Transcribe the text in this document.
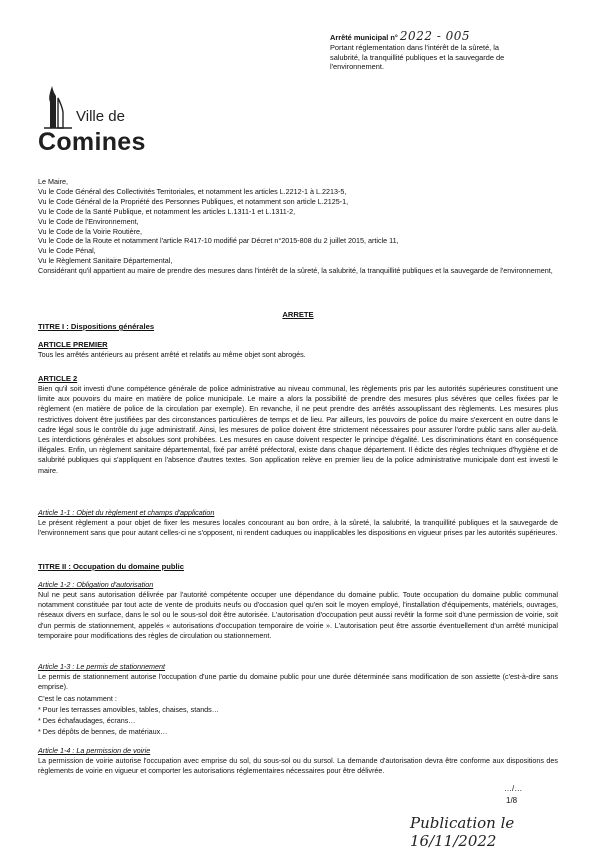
Arrêté municipal n° 2022 - 005
Portant réglementation dans l'intérêt de la sûreté, la salubrité, la tranquillité publiques et la sauvegarde de l'environnement.
Ville de
Comines

Le Maire,

Vu le Code Général des Collectivités Territoriales, et notamment les articles L.2212-1 à L.2213-5,

Vu le Code Général de la Propriété des Personnes Publiques, et notamment son article L.2125-1,

Vu le Code de la Santé Publique, et notamment les articles L.1311-1 et L.1311-2,

Vu le Code de l'Environnement,

Vu le Code de la Voirie Routière,

Vu le Code de la Route et notamment l'article R417-10 modifié par Décret n°2015-808 du 2 juillet 2015, article 11,

Vu le Code Pénal,

Vu le Règlement Sanitaire Départemental,

Considérant qu'il appartient au maire de prendre des mesures dans l'intérêt de la sûreté, la salubrité, la tranquillité publiques et la sauvegarde de l'environnement,

ARRETE
TITRE I : Dispositions générales
ARTICLE PREMIER

Tous les arrêtés antérieurs au présent arrêté et relatifs au même objet sont abrogés.

ARTICLE 2

Bien qu'il soit investi d'une compétence générale de police administrative au niveau communal, les règlements pris par les autorités supérieures constituent une limite aux pouvoirs du maire en matière de police municipale. Le maire a alors la possibilité de prendre des mesures plus sévères que celles fixées par le règlement (en matière de police de la circulation par exemple). En revanche, il ne peut prendre des arrêtés assouplissant des règlements. Les mesures plus restrictives doivent être justifiées par des circonstances particulières de temps et de lieu. Par ailleurs, les pouvoirs de police du maire s'exercent en outre dans le cadre légal sous le contrôle du juge administratif. Ainsi, les mesures de police doivent être strictement nécessaires pour assurer l'ordre public sans aller au-delà. Les interdictions générales et absolues sont prohibées. Les mesures en cause doivent respecter le principe d'égalité. Les discriminations étant en conséquence illégales. Enfin, un règlement sanitaire départemental, fixé par arrêté préfectoral, existe dans chaque département. Il édicte des règles techniques d'hygiène et de salubrité publiques qui s'appliquent en l'absence d'autres textes. Son application relève en premier lieu de la police administrative municipale dont est investi le maire.

Article 1-1 : Objet du règlement et champs d'application

Le présent règlement a pour objet de fixer les mesures locales concourant au bon ordre, à la sûreté, la salubrité, la tranquillité publiques et la sauvegarde de l'environnement sans que pour autant celles-ci ne s'opposent, ni rendent caduques ou inapplicables les dispositions en vigueur prises par les autorités supérieures.

TITRE II : Occupation du domaine public
Article 1-2 : Obligation d'autorisation

Nul ne peut sans autorisation délivrée par l'autorité compétente occuper une dépendance du domaine public. Toute occupation du domaine public communal notamment constituée par tout acte de vente de produits neufs ou d'occasion quel qu'en soit le moyen employé, l'installation d'équipements, matériels, ouvrages, réseaux divers en surface, dans le sol ou le sous-sol doit être autorisée. L'autorisation d'occupation peut aussi revêtir la forme soit d'une permission de voirie, soit d'un permis de stationnement, appelés « autorisations d'occupation temporaire de voirie ». L'autorisation peut être assortie éventuellement d'un arrêté municipal temporaire pour modifications des règles de circulation ou stationnement.

Article 1-3 : Le permis de stationnement

Le permis de stationnement autorise l'occupation d'une partie du domaine public pour une durée déterminée sans modification de son assiette (c'est-à-dire sans emprise).

C'est le cas notamment :

* Pour les terrasses amovibles, tables, chaises, stands…

* Des échafaudages, écrans…

* Des dépôts de bennes, de matériaux…

Article 1-4 : La permission de voirie

La permission de voirie autorise l'occupation avec emprise du sol, du sous-sol ou du sursol. La demande d'autorisation devra être conforme aux dispositions des règlements de voirie en vigueur et comporter les autorisations réglementaires nécessaires pour être délivrée.

…/…
1/8
Publication le 16/11/2022
